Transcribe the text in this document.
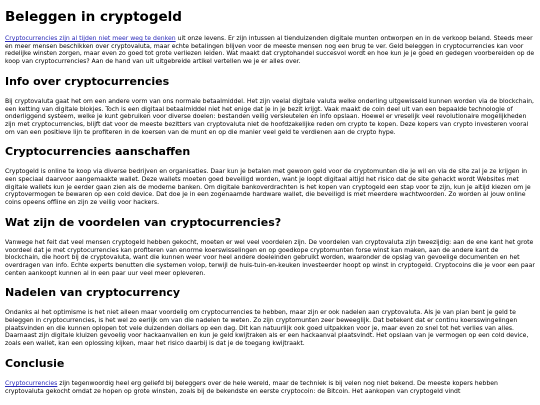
Beleggen in cryptogeld

Cryptocurrencies zijn al tijden niet meer weg te denken uit onze levens. Er zijn intussen al tienduizenden digitale munten ontworpen en in de verkoop beland. Steeds meer en meer mensen beschikken over cryptovaluta, maar echte betalingen blijven voor de meeste mensen nog een brug te ver. Geld beleggen in cryptocurrencies kan voor redelijke winsten zorgen, maar even zo goed tot grote verliezen leiden. Wat maakt dat cryptohandel succesvol wordt en hoe kun je je goed en gedegen voorbereiden op de koop van cryptocurrencies? Aan de hand van uit uitgebreide artikel vertellen we je er alles over.

Info over cryptocurrencies

Bij cryptovaluta gaat het om een andere vorm van ons normale betaalmiddel. Het zijn veelal digitale valuta welke onderling uitgewisseld kunnen worden via de blockchain, een ketting van digitale blokjes. Toch is een digitaal betaalmiddel niet het enige dat je in je bezit krijgt. Vaak maakt de coin deel uit van een bepaalde technologie of onderliggend systeem, welke je kunt gebruiken voor diverse doelen: bestanden veilig versleutelen en info opslaan. Hoewel er vreselijk veel revolutionaire mogelijkheden zijn met cryptocurrencies, blijft dat voor de meeste bezitters van cryptovaluta niet de hoofdzakelijke reden om crypto te kopen. Deze kopers van crypto investeren vooral om van een positieve lijn te profiteren in de koersen van de munt en op die manier veel geld te verdienen aan de crypto hype.

Cryptocurrencies aanschaffen

Cryptogeld is online te koop via diverse bedrijven en organisaties. Daar kun je betalen met gewoon geld voor de cryptomunten die je wil en via de site zal je ze krijgen in een speciaal daarvoor aangemaakte wallet. Deze wallets moeten goed beveiligd worden, want je loopt digitaal altijd het risico dat de site gehackt wordt Websites met digitale wallets kun je eerder gaan zien als de moderne banken. Om digitale bankoverdrachten is het kopen van cryptogeld een stap voor te zijn, kun je altijd kiezen om je cryptovermogen te bewaren op een cold device. Dat doe je in een zogenaamde hardware wallet, die beveiligd is met meerdere wachtwoorden. Zo worden al jouw online coins opeens offline en zijn ze veilig voor hackers.

Wat zijn de voordelen van cryptocurrencies?

Vanwege het feit dat veel mensen cryptogeld hebben gekocht, moeten er wel veel voordelen zijn. De voordelen van cryptovaluta zijn tweezijdig: aan de ene kant het grote voordeel dat je met cryptocurrencies kan profiteren van enorme koerswisselingen en op goedkope cryptomunten forse winst kan maken, aan de andere kant de blockchain, die hoort bij de cryptovaluta, want die kunnen weer voor heel andere doeleinden gebruikt worden, waaronder de opslag van gevoelige documenten en het overdragen van info. Echte experts benutten die systemen volop, terwijl de huis-tuin-en-keuken investeerder hoopt op winst in cryptogeld. Cryptocoins die je voor een paar centen aankoopt kunnen al in een paar uur veel meer opleveren.

Nadelen van cryptocurrency

Ondanks al het optimisme is het niet alleen maar voordelig om cryptocurrencies te hebben, maar zijn er ook nadelen aan cryptovaluta. Als je van plan bent je geld te beleggen in cryptocurrencies, is het wel zo eerlijk om van die nadelen te weten. Zo zijn cryptomunten zeer beweeglijk. Dat betekent dat er continu koersswingelingen plaatsvinden en die kunnen oplopen tot vele duizenden dollars op een dag. Dit kan natuurlijk ook goed uitpakken voor je, maar even zo snel tot het verlies van alles. Daarnaast zijn digitale kluizen gevoelig voor hackaanvallen en kun je geld kwijtraken als er een hackaanval plaatsvindt. Het opslaan van je vermogen op een cold device, zoals een wallet, kan een oplossing kijken, maar het risico daarbij is dat je de toegang kwijtraakt.

Conclusie

Cryptocurrencies zijn tegenwoordig heel erg geliefd bij beleggers over de hele wereld, maar de techniek is bij velen nog niet bekend. De meeste kopers hebben cryptovaluta gekocht omdat ze hopen op grote winsten, zoals bij de bekendste en eerste cryptocoin: de Bitcoin. Het aankopen van cryptogeld vindt
